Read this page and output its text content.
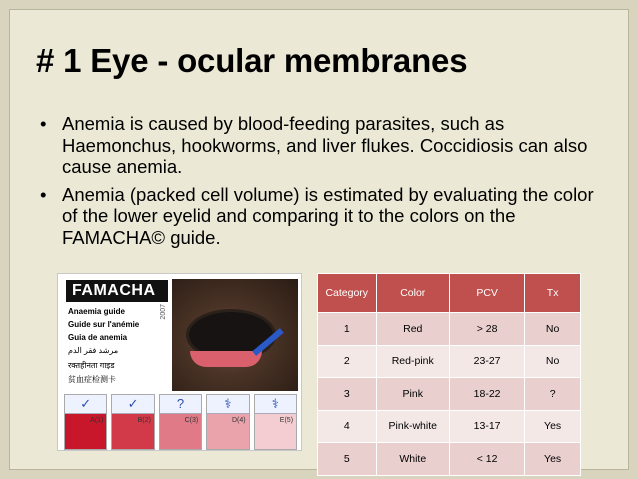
# 1 Eye - ocular membranes
• Anemia is caused by blood-feeding parasites, such as Haemonchus, hookworms, and liver flukes. Coccidiosis can also cause anemia.
• Anemia (packed cell volume) is estimated by evaluating the color of the lower eyelid and comparing it to the colors on the FAMACHA© guide.
FAMACHA
2007
Anaemia guide
Guide sur l'anémie
Guia de anemia
مرشد فقر الدم
रक्तहीनता गाइड
贫血症检测卡
✓
A(1)
✓
B(2)
?
C(3)
⚕
D(4)
⚕
E(5)
Category	Color	PCV	Tx
1	Red	> 28	No
2	Red-pink	23-27	No
3	Pink	18-22	?
4	Pink-white	13-17	Yes
5	White	< 12	Yes
